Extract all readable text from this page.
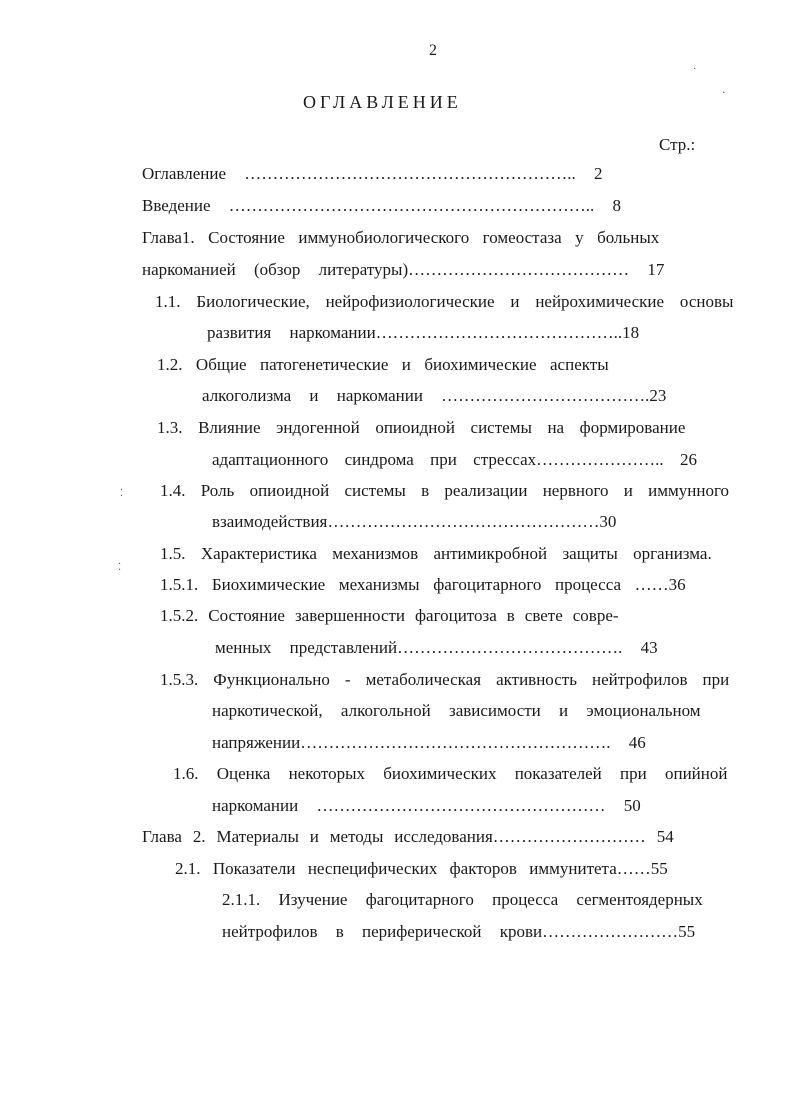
2
ОГЛАВЛЕНИЕ
Стр.:
Оглавление ………………………………………………….. 2
Введение ……………………………………………………….. 8
Глава1. Состояние иммунобиологического гомеостаза у больных
наркоманией (обзор литературы)………………………………… 17
1.1. Биологические, нейрофизиологические и нейрохимические основы
развития наркомании……………………………………..18
1.2. Общие патогенетические и биохимические аспекты
алкоголизма и наркомании ……………………………….23
1.3. Влияние эндогенной опиоидной системы на формирование
адаптационного синдрома при стрессах………………….. 26
1.4. Роль опиоидной системы в реализации нервного и иммунного
взаимодействия…………………………………………30
1.5. Характеристика механизмов антимикробной защиты организма.
1.5.1. Биохимические механизмы фагоцитарного процесса ……36
1.5.2. Состояние завершенности фагоцитоза в свете совре-
менных представлений…………………………………. 43
1.5.3. Функционально - метаболическая активность нейтрофилов при
наркотической, алкогольной зависимости и эмоциональном
напряжении………………………………………………. 46
1.6. Оценка некоторых биохимических показателей при опийной
наркомании …………………………………………… 50
Глава 2. Материалы и методы исследования……………………… 54
2.1. Показатели неспецифических факторов иммунитета……55
2.1.1. Изучение фагоцитарного процесса сегментоядерных
нейтрофилов в периферической крови……………………55
⁚
⁚
·
·
